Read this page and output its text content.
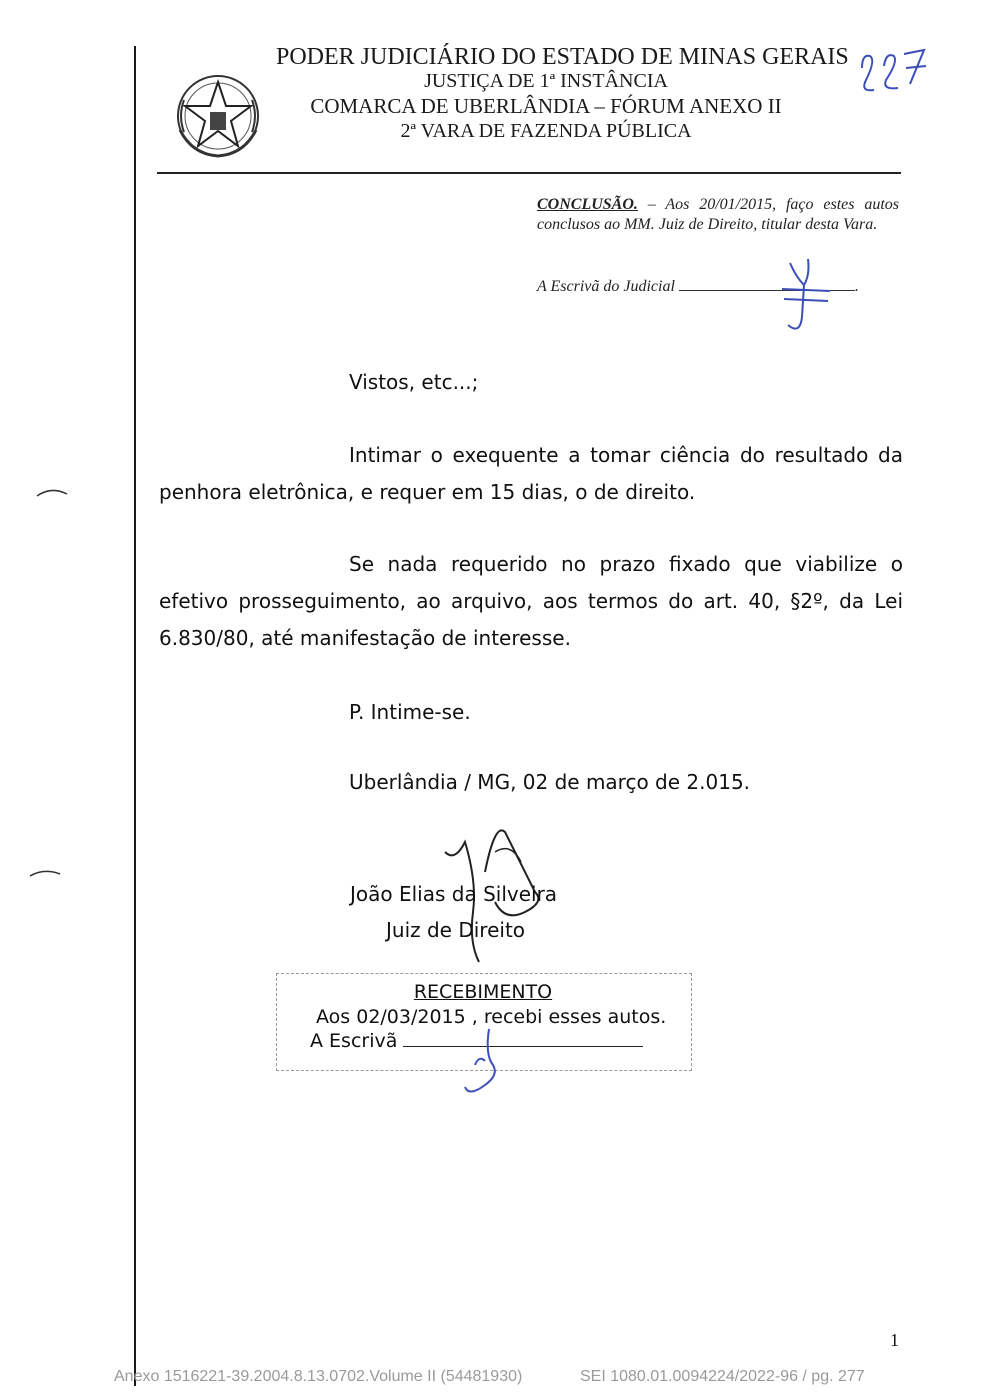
PODER JUDICIÁRIO DO ESTADO DE MINAS GERAIS
JUSTIÇA DE 1ª INSTÂNCIA
COMARCA DE UBERLÂNDIA – FÓRUM ANEXO II
2ª VARA DE FAZENDA PÚBLICA
CONCLUSÃO. – Aos 20/01/2015, faço estes autos conclusos ao MM. Juiz de Direito, titular desta Vara.
A Escrivã do Judicial	.
Vistos, etc...;
Intimar o exequente a tomar ciência do resultado da penhora eletrônica, e requer em 15 dias, o de direito.
Se nada requerido no prazo fixado que viabilize o efetivo prosseguimento, ao arquivo, aos termos do art. 40, §2º, da Lei 6.830/80, até manifestação de interesse.
P. Intime-se.
Uberlândia / MG, 02 de março de 2.015.
João Elias da Silveira
Juiz de Direito
RECEBIMENTO
Aos 02/03/2015 , recebi esses autos.
A Escrivã
1
Anexo 1516221-39.2004.8.13.0702.Volume II (54481930)	SEI 1080.01.0094224/2022-96 / pg. 277
